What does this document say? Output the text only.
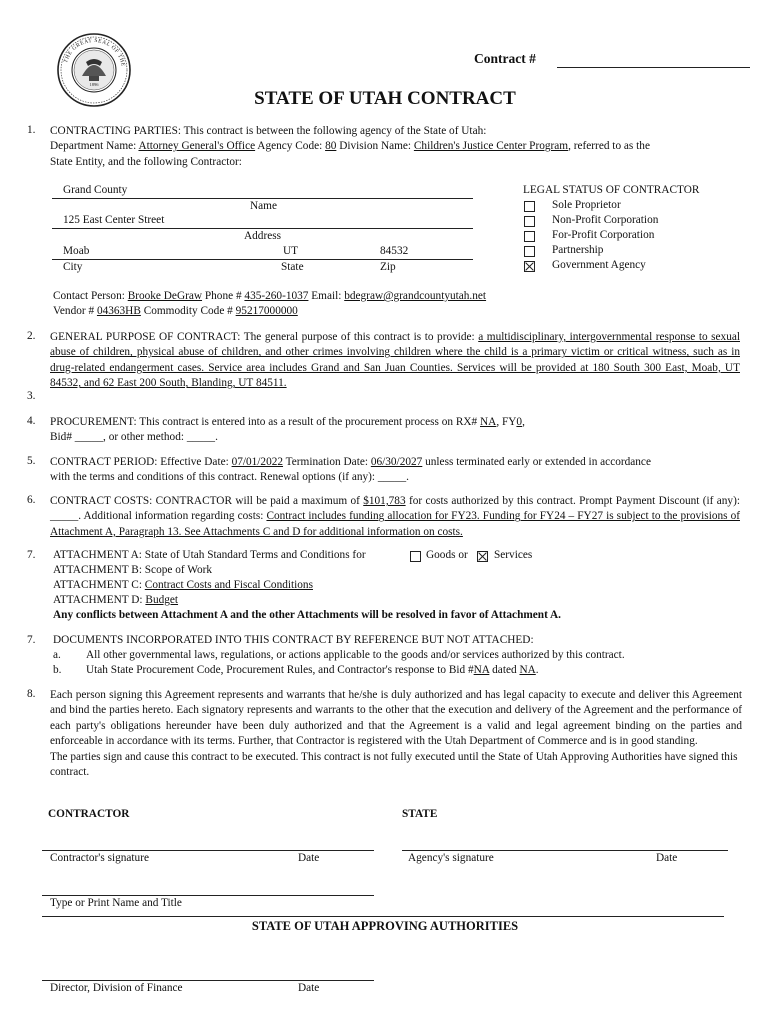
1896
THE GREAT SEAL OF THE	Contract #
STATE OF UTAH CONTRACT
1. CONTRACTING PARTIES: This contract is between the following agency of the State of Utah:
Department Name: Attorney General's Office Agency Code: 80 Division Name: Children's Justice Center Program, referred to as the
State Entity, and the following Contractor:
Grand County
Name
125 East Center Street
Address
Moab	UT	84532
City	State	Zip
LEGAL STATUS OF CONTRACTOR
Sole Proprietor
Non-Profit Corporation
For-Profit Corporation
Partnership
Government Agency
Contact Person: Brooke DeGraw Phone # 435-260-1037 Email: bdegraw@grandcountyutah.net
Vendor # 04363HB Commodity Code # 95217000000
2. GENERAL PURPOSE OF CONTRACT: The general purpose of this contract is to provide: a multidisciplinary, intergovernmental response to sexual abuse of children, physical abuse of children, and other crimes involving children where the child is a primary victim or critical witness, such as in drug-related endangerment cases. Service area includes Grand and San Juan Counties. Services will be provided at 180 South 300 East, Moab, UT 84532, and 62 East 200 South, Blanding, UT 84511.
3.
4. PROCUREMENT: This contract is entered into as a result of the procurement process on RX# NA, FY0,
Bid# _____, or other method: _____.
5. CONTRACT PERIOD: Effective Date: 07/01/2022 Termination Date: 06/30/2027 unless terminated early or extended in accordance
with the terms and conditions of this contract. Renewal options (if any): _____.
6. CONTRACT COSTS: CONTRACTOR will be paid a maximum of $101,783 for costs authorized by this contract. Prompt Payment Discount (if any): _____. Additional information regarding costs: Contract includes funding allocation for FY23. Funding for FY24 – FY27 is subject to the provisions of Attachment A, Paragraph 13. See Attachments C and D for additional information on costs.
7. ATTACHMENT A: State of Utah Standard Terms and Conditions for	Goods or Services
ATTACHMENT B: Scope of Work
ATTACHMENT C: Contract Costs and Fiscal Conditions
ATTACHMENT D: Budget
Any conflicts between Attachment A and the other Attachments will be resolved in favor of Attachment A.
7. DOCUMENTS INCORPORATED INTO THIS CONTRACT BY REFERENCE BUT NOT ATTACHED:
a. All other governmental laws, regulations, or actions applicable to the goods and/or services authorized by this contract.
b. Utah State Procurement Code, Procurement Rules, and Contractor's response to Bid #NA dated NA.
8. Each person signing this Agreement represents and warrants that he/she is duly authorized and has legal capacity to execute and deliver this Agreement and bind the parties hereto. Each signatory represents and warrants to the other that the execution and delivery of the Agreement and the performance of each party's obligations hereunder have been duly authorized and that the Agreement is a valid and legal agreement binding on the parties and enforceable in accordance with its terms. Further, that Contractor is registered with the Utah Department of Commerce and is in good standing.
The parties sign and cause this contract to be executed. This contract is not fully executed until the State of Utah Approving Authorities have signed this contract.
CONTRACTOR	STATE
Contractor's signature	Date	Agency's signature	Date
Type or Print Name and Title
STATE OF UTAH APPROVING AUTHORITIES
Director, Division of Finance	Date
